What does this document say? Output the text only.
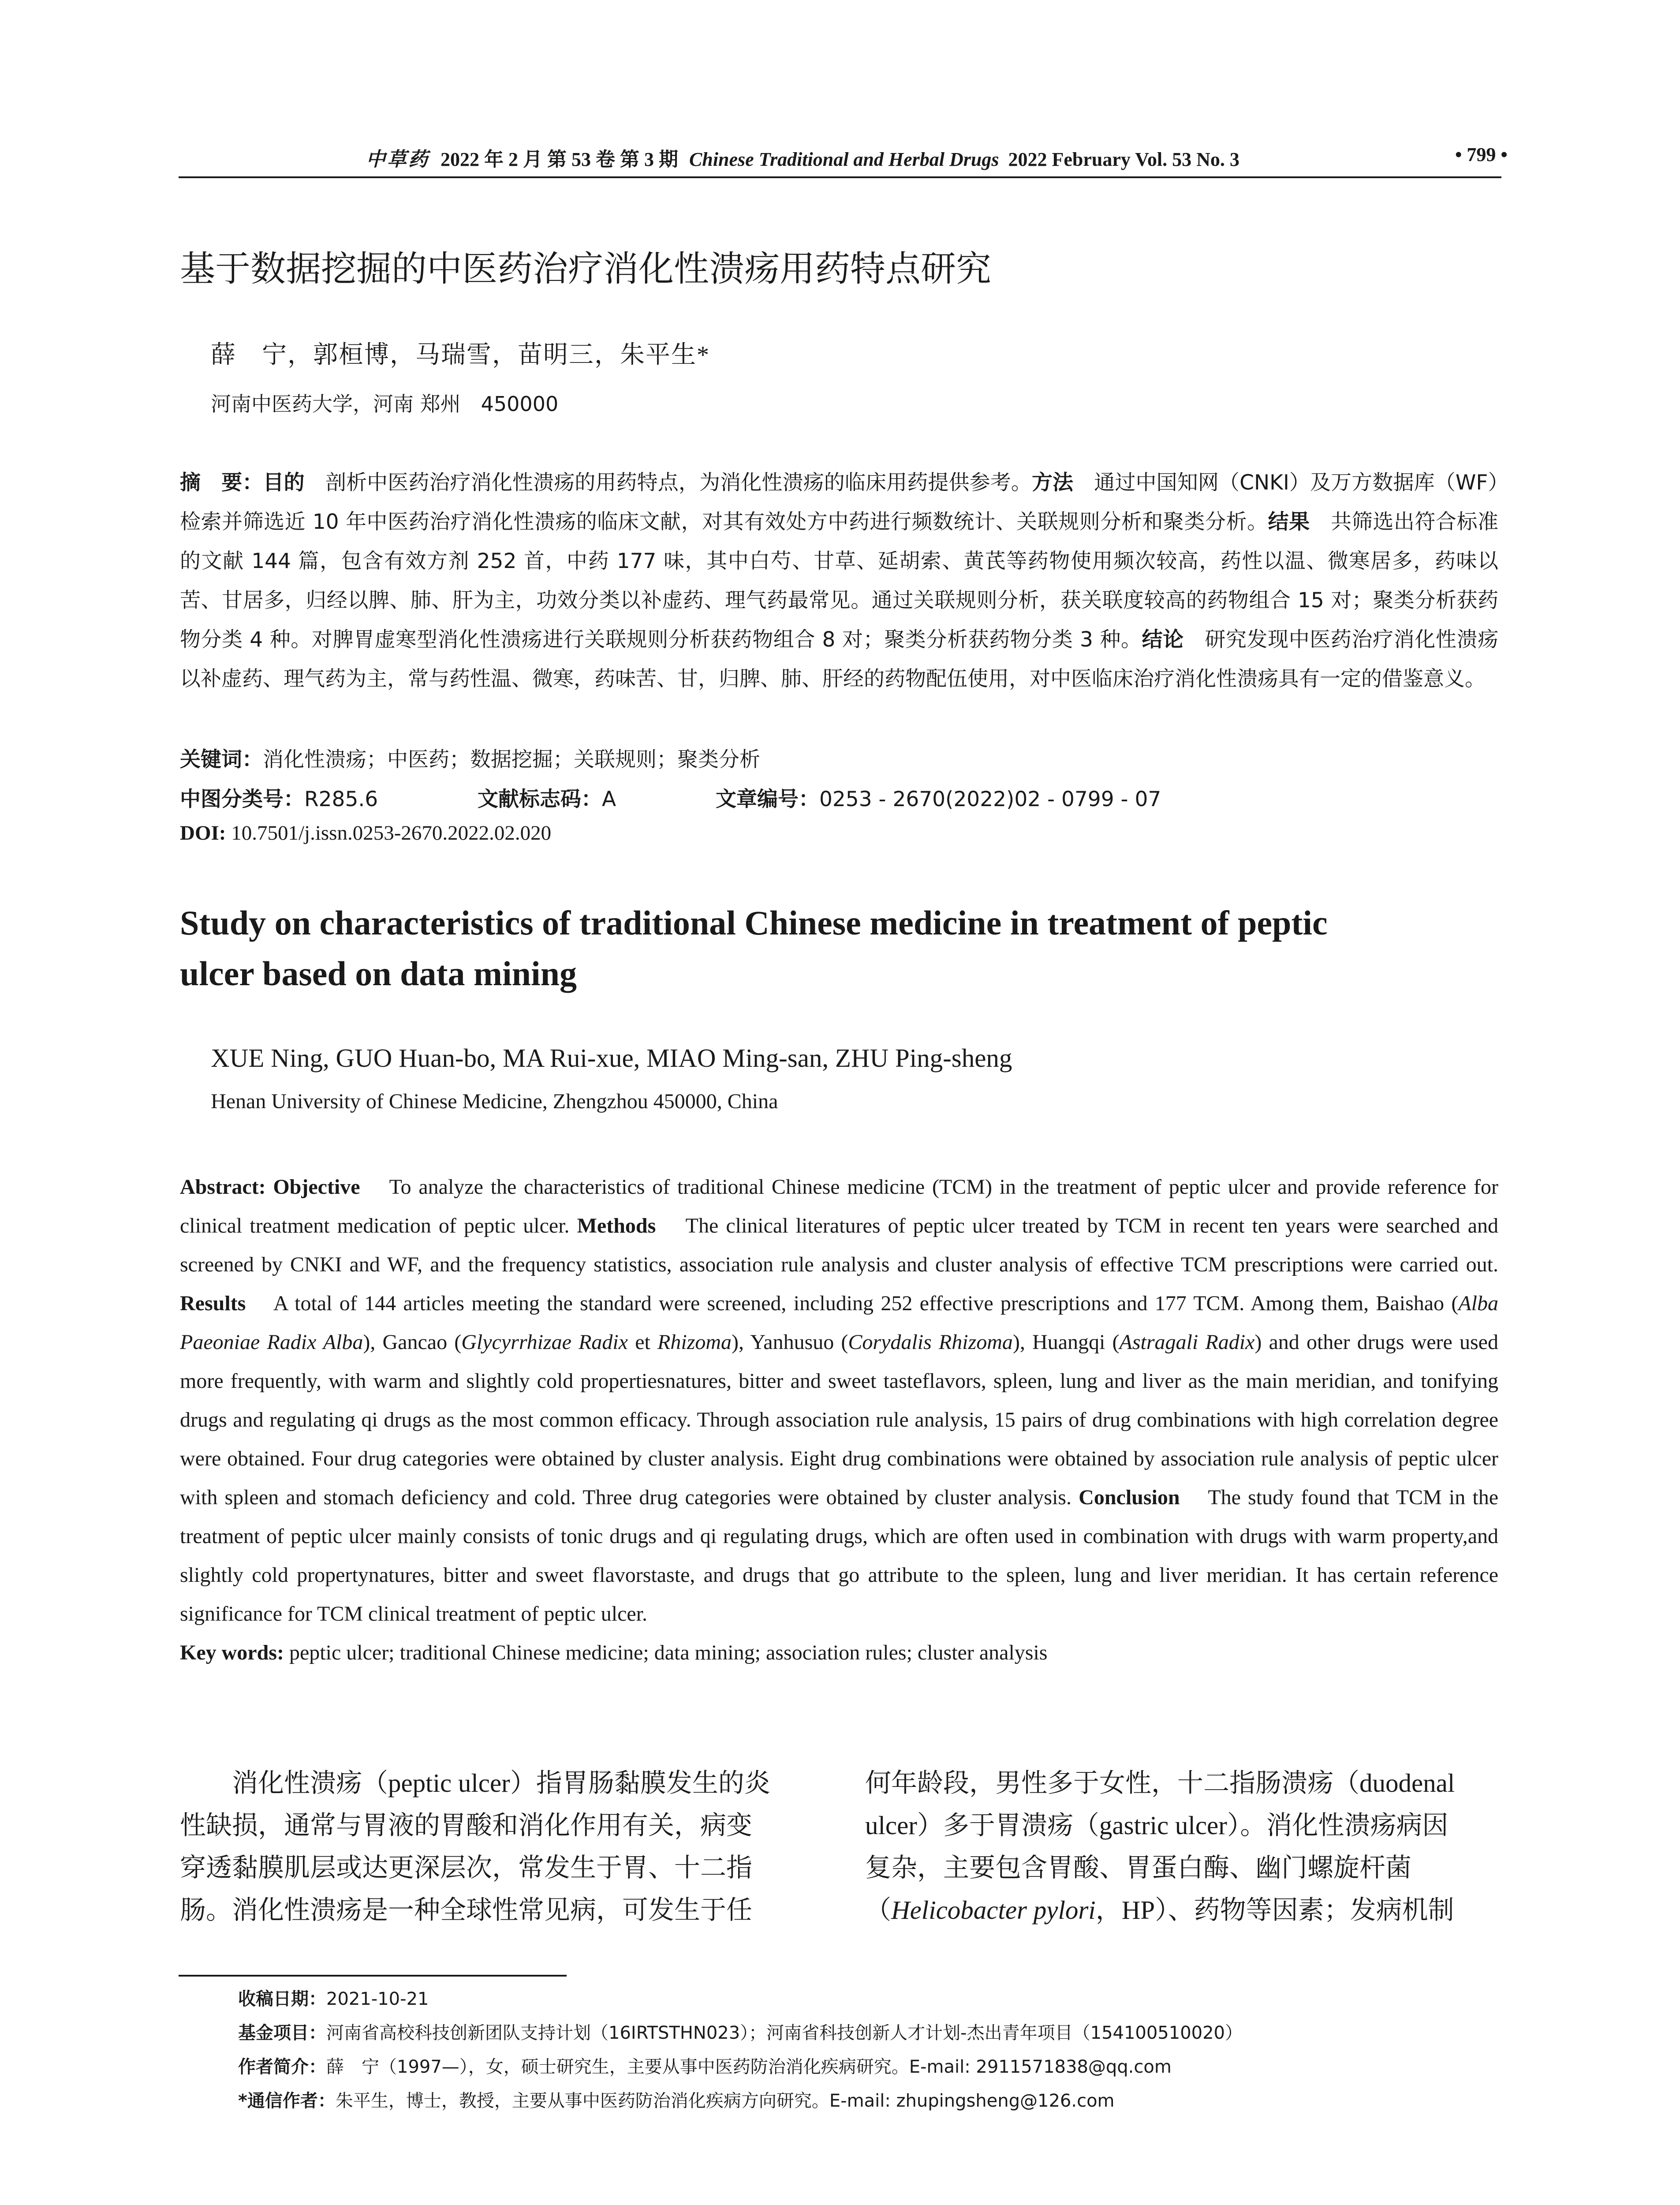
中草药 2022 年 2 月 第 53 卷 第 3 期 Chinese Traditional and Herbal Drugs 2022 February Vol. 53 No. 3	• 799 •
基于数据挖掘的中医药治疗消化性溃疡用药特点研究
薛　宁，郭桓博，马瑞雪，苗明三，朱平生*
河南中医药大学，河南 郑州　450000
摘　要：目的　剖析中医药治疗消化性溃疡的用药特点，为消化性溃疡的临床用药提供参考。方法　通过中国知网（CNKI）及万方数据库（WF）检索并筛选近 10 年中医药治疗消化性溃疡的临床文献，对其有效处方中药进行频数统计、关联规则分析和聚类分析。结果　共筛选出符合标准的文献 144 篇，包含有效方剂 252 首，中药 177 味，其中白芍、甘草、延胡索、黄芪等药物使用频次较高，药性以温、微寒居多，药味以苦、甘居多，归经以脾、肺、肝为主，功效分类以补虚药、理气药最常见。通过关联规则分析，获关联度较高的药物组合 15 对；聚类分析获药物分类 4 种。对脾胃虚寒型消化性溃疡进行关联规则分析获药物组合 8 对；聚类分析获药物分类 3 种。结论　研究发现中医药治疗消化性溃疡以补虚药、理气药为主，常与药性温、微寒，药味苦、甘，归脾、肺、肝经的药物配伍使用，对中医临床治疗消化性溃疡具有一定的借鉴意义。
关键词：消化性溃疡；中医药；数据挖掘；关联规则；聚类分析
中图分类号：R285.6	文献标志码：A	文章编号：0253 - 2670(2022)02 - 0799 - 07
DOI: 10.7501/j.issn.0253-2670.2022.02.020
Study on characteristics of traditional Chinese medicine in treatment of peptic
ulcer based on data mining
XUE Ning, GUO Huan-bo, MA Rui-xue, MIAO Ming-san, ZHU Ping-sheng
Henan University of Chinese Medicine, Zhengzhou 450000, China
Abstract: Objective To analyze the characteristics of traditional Chinese medicine (TCM) in the treatment of peptic ulcer and provide reference for clinical treatment medication of peptic ulcer. Methods The clinical literatures of peptic ulcer treated by TCM in recent ten years were searched and screened by CNKI and WF, and the frequency statistics, association rule analysis and cluster analysis of effective TCM prescriptions were carried out. Results A total of 144 articles meeting the standard were screened, including 252 effective prescriptions and 177 TCM. Among them, Baishao (Alba Paeoniae Radix Alba), Gancao (Glycyrrhizae Radix et Rhizoma), Yanhusuo (Corydalis Rhizoma), Huangqi (Astragali Radix) and other drugs were used more frequently, with warm and slightly cold propertiesnatures, bitter and sweet tasteflavors, spleen, lung and liver as the main meridian, and tonifying drugs and regulating qi drugs as the most common efficacy. Through association rule analysis, 15 pairs of drug combinations with high correlation degree were obtained. Four drug categories were obtained by cluster analysis. Eight drug combinations were obtained by association rule analysis of peptic ulcer with spleen and stomach deficiency and cold. Three drug categories were obtained by cluster analysis. Conclusion The study found that TCM in the treatment of peptic ulcer mainly consists of tonic drugs and qi regulating drugs, which are often used in combination with drugs with warm property,and slightly cold propertynatures, bitter and sweet flavorstaste, and drugs that go attribute to the spleen, lung and liver meridian. It has certain reference significance for TCM clinical treatment of peptic ulcer.
Key words: peptic ulcer; traditional Chinese medicine; data mining; association rules; cluster analysis
　　消化性溃疡（peptic ulcer）指胃肠黏膜发生的炎
性缺损，通常与胃液的胃酸和消化作用有关，病变
穿透黏膜肌层或达更深层次，常发生于胃、十二指
肠。消化性溃疡是一种全球性常见病，可发生于任
何年龄段，男性多于女性，十二指肠溃疡（duodenal
ulcer）多于胃溃疡（gastric ulcer）。消化性溃疡病因
复杂，主要包含胃酸、胃蛋白酶、幽门螺旋杆菌
（Helicobacter pylori，HP）、药物等因素；发病机制
收稿日期：2021-10-21
基金项目：河南省高校科技创新团队支持计划（16IRTSTHN023）；河南省科技创新人才计划-杰出青年项目（154100510020）
作者简介：薛　宁（1997—），女，硕士研究生，主要从事中医药防治消化疾病研究。E-mail: 2911571838@qq.com
*通信作者：朱平生，博士，教授，主要从事中医药防治消化疾病方向研究。E-mail: zhupingsheng@126.com
